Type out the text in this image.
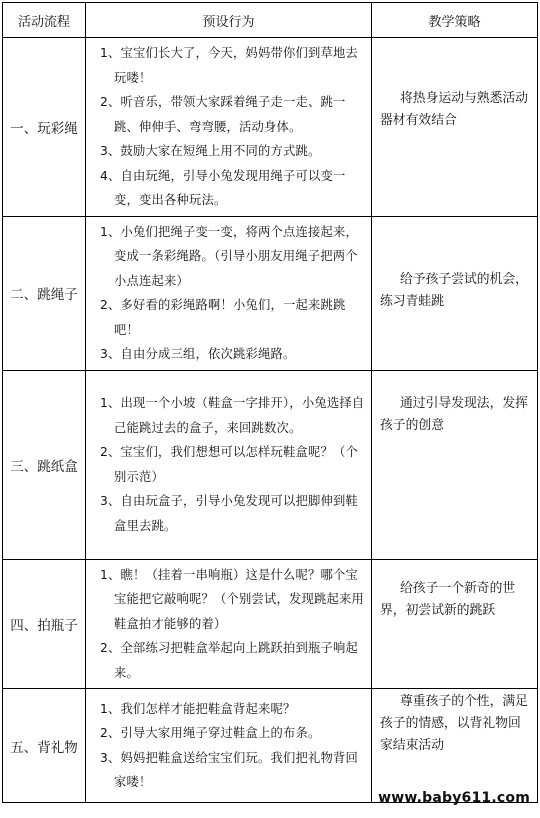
活动流程	预设行为	教学策略
一、玩彩绳	1、宝宝们长大了，今天，妈妈带你们到草地去玩喽！

2、听音乐，带领大家踩着绳子走一走、跳一跳、伸伸手、弯弯腰，活动身体。

3、鼓励大家在短绳上用不同的方式跳。

4、自由玩绳，引导小兔发现用绳子可以变一变，变出各种玩法。	将热身运动与熟悉活动器材有效结合

二、跳绳子	1、小兔们把绳子变一变，将两个点连接起来，变成一条彩绳路。（引导小朋友用绳子把两个小点连起来）

2、多好看的彩绳路啊！小兔们，一起来跳跳吧！

3、自由分成三组，依次跳彩绳路。	给予孩子尝试的机会，练习青蛙跳

三、跳纸盒	1、出现一个小坡（鞋盒一字排开），小兔选择自己能跳过去的盒子，来回跳数次。

2、宝宝们，我们想想可以怎样玩鞋盒呢？（个别示范）

3、自由玩盒子，引导小兔发现可以把脚伸到鞋盒里去跳。	通过引导发现法，发挥孩子的创意

四、拍瓶子	1、瞧！（挂着一串响瓶）这是什么呢？哪个宝宝能把它敲响呢？（个别尝试，发现跳起来用鞋盒拍才能够的着）

2、全部练习把鞋盒举起向上跳跃拍到瓶子响起来。	给孩子一个新奇的世界，初尝试新的跳跃

五、背礼物	1、我们怎样才能把鞋盒背起来呢？

2、引导大家用绳子穿过鞋盒上的布条。

3、妈妈把鞋盒送给宝宝们玩。我们把礼物背回家喽！	尊重孩子的个性，满足孩子的情感，以背礼物回家结束活动

www.baby611.com
